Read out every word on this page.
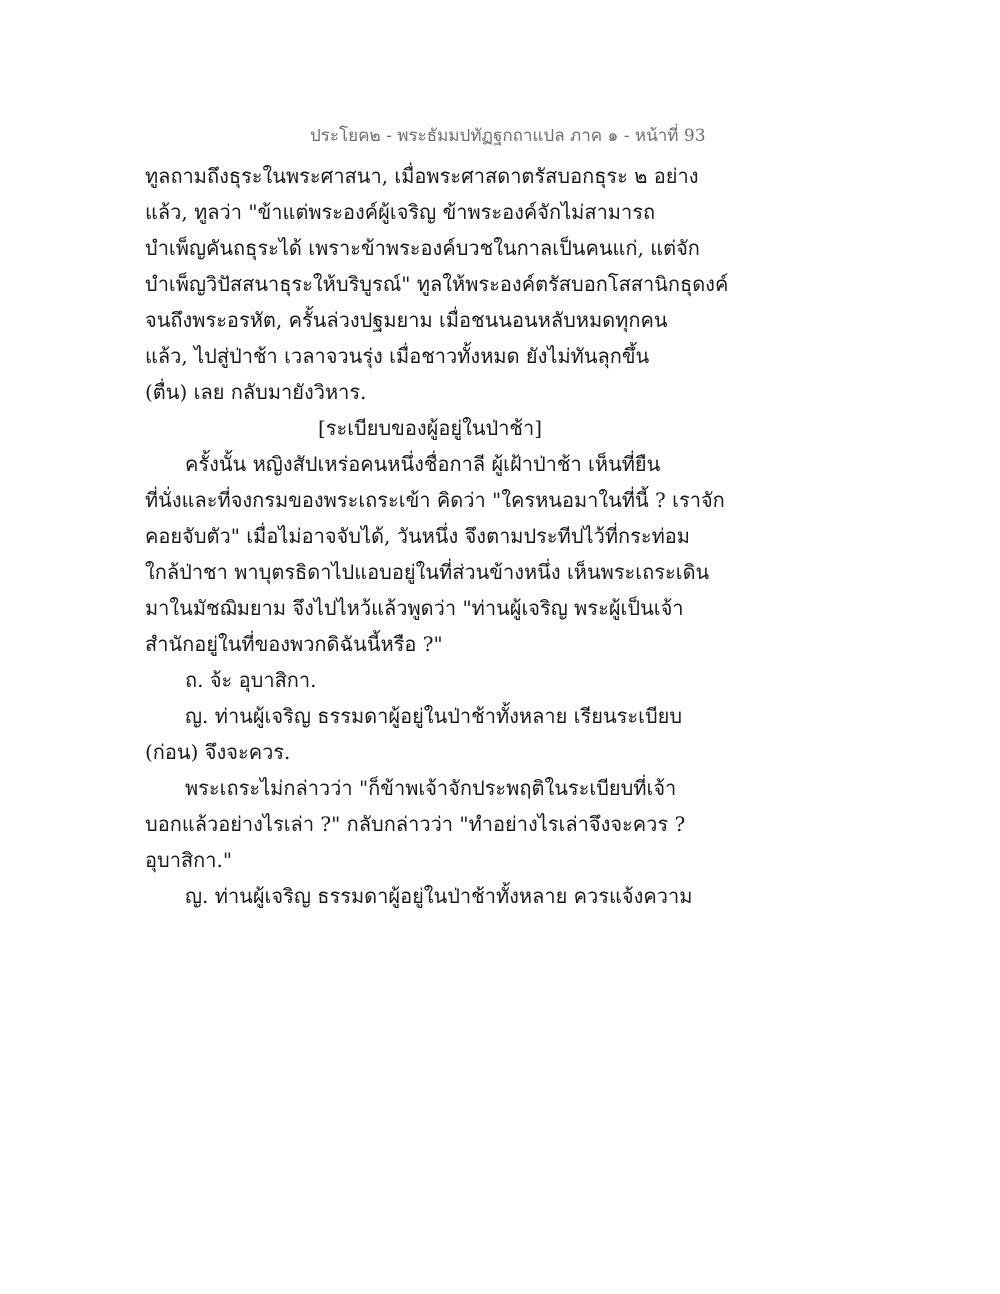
ประโยค๒ - พระธัมมปทัฏฐกถาแปล ภาค ๑ - หน้าที่ 93
ทูลถามถึงธุระในพระศาสนา, เมื่อพระศาสดาตรัสบอกธุระ ๒ อย่าง
แล้ว, ทูลว่า "ข้าแต่พระองค์ผู้เจริญ ข้าพระองค์จักไม่สามารถ
บำเพ็ญคันถธุระได้ เพราะข้าพระองค์บวชในกาลเป็นคนแก่, แต่จัก
บำเพ็ญวิปัสสนาธุระให้บริบูรณ์" ทูลให้พระองค์ตรัสบอกโสสานิกธุดงค์
จนถึงพระอรหัต, ครั้นล่วงปฐมยาม เมื่อชนนอนหลับหมดทุกคน
แล้ว, ไปสู่ป่าช้า เวลาจวนรุ่ง เมื่อชาวทั้งหมด ยังไม่ทันลุกขึ้น
(ตื่น) เลย กลับมายังวิหาร.
[ระเบียบของผู้อยู่ในป่าช้า]
ครั้งนั้น หญิงสัปเหร่อคนหนึ่งชื่อกาลี ผู้เฝ้าป่าช้า เห็นที่ยืน
ที่นั่งและที่จงกรมของพระเถระเข้า คิดว่า "ใครหนอมาในที่นี้ ? เราจัก
คอยจับตัว" เมื่อไม่อาจจับได้, วันหนึ่ง จึงตามประทีปไว้ที่กระท่อม
ใกล้ป่าชา พาบุตรธิดาไปแอบอยู่ในที่ส่วนข้างหนึ่ง เห็นพระเถระเดิน
มาในมัชฌิมยาม จึงไปไหว้แล้วพูดว่า "ท่านผู้เจริญ พระผู้เป็นเจ้า
สำนักอยู่ในที่ของพวกดิฉันนี้หรือ ?"
ถ. จ้ะ อุบาสิกา.
ญ. ท่านผู้เจริญ ธรรมดาผู้อยู่ในป่าช้าทั้งหลาย เรียนระเบียบ
(ก่อน) จึงจะควร.
พระเถระไม่กล่าวว่า "ก็ข้าพเจ้าจักประพฤติในระเบียบที่เจ้า
บอกแล้วอย่างไรเล่า ?" กลับกล่าวว่า "ทำอย่างไรเล่าจึงจะควร ?
อุบาสิกา."
ญ. ท่านผู้เจริญ ธรรมดาผู้อยู่ในป่าช้าทั้งหลาย ควรแจ้งความ
